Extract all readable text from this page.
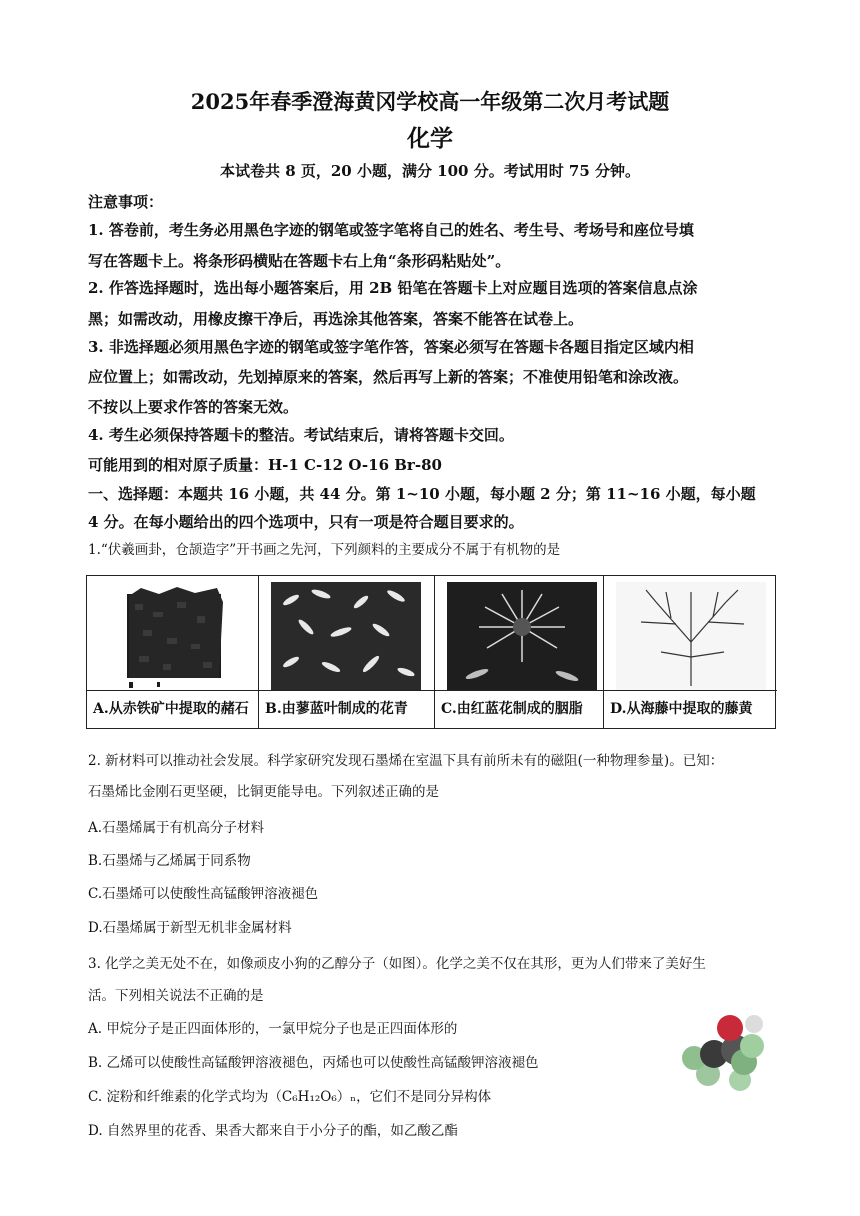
2025年春季澄海黄冈学校高一年级第二次月考试题
化学
本试卷共 8 页，20 小题，满分 100 分。考试用时 75 分钟。
注意事项：
1. 答卷前，考生务必用黑色字迹的钢笔或签字笔将自己的姓名、考生号、考场号和座位号填
写在答题卡上。将条形码横贴在答题卡右上角“条形码粘贴处”。
2. 作答选择题时，选出每小题答案后，用 2B 铅笔在答题卡上对应题目选项的答案信息点涂
黑；如需改动，用橡皮擦干净后，再选涂其他答案，答案不能答在试卷上。
3. 非选择题必须用黑色字迹的钢笔或签字笔作答，答案必须写在答题卡各题目指定区域内相
应位置上；如需改动，先划掉原来的答案，然后再写上新的答案；不准使用铅笔和涂改液。
不按以上要求作答的答案无效。
4. 考生必须保持答题卡的整洁。考试结束后，请将答题卡交回。
可能用到的相对原子质量：H-1 C-12 O-16 Br-80
一、选择题：本题共 16 小题，共 44 分。第 1~10 小题，每小题 2 分；第 11~16 小题，每小题
4 分。在每小题给出的四个选项中，只有一项是符合题目要求的。
1.“伏羲画卦，仓颉造字”开书画之先河，下列颜料的主要成分不属于有机物的是
A.从赤铁矿中提取的赭石	B.由蓼蓝叶制成的花青	C.由红蓝花制成的胭脂	D.从海藤中提取的藤黄
2. 新材料可以推动社会发展。科学家研究发现石墨烯在室温下具有前所未有的磁阻(一种物理参量)。已知：
石墨烯比金刚石更坚硬，比铜更能导电。下列叙述正确的是
A.石墨烯属于有机高分子材料
B.石墨烯与乙烯属于同系物
C.石墨烯可以使酸性高锰酸钾溶液褪色
D.石墨烯属于新型无机非金属材料
3. 化学之美无处不在，如像顽皮小狗的乙醇分子（如图）。化学之美不仅在其形，更为人们带来了美好生
活。下列相关说法不正确的是
A. 甲烷分子是正四面体形的，一氯甲烷分子也是正四面体形的
B. 乙烯可以使酸性高锰酸钾溶液褪色，丙烯也可以使酸性高锰酸钾溶液褪色
C. 淀粉和纤维素的化学式均为（C₆H₁₂O₆）ₙ，它们不是同分异构体
D. 自然界里的花香、果香大都来自于小分子的酯，如乙酸乙酯
